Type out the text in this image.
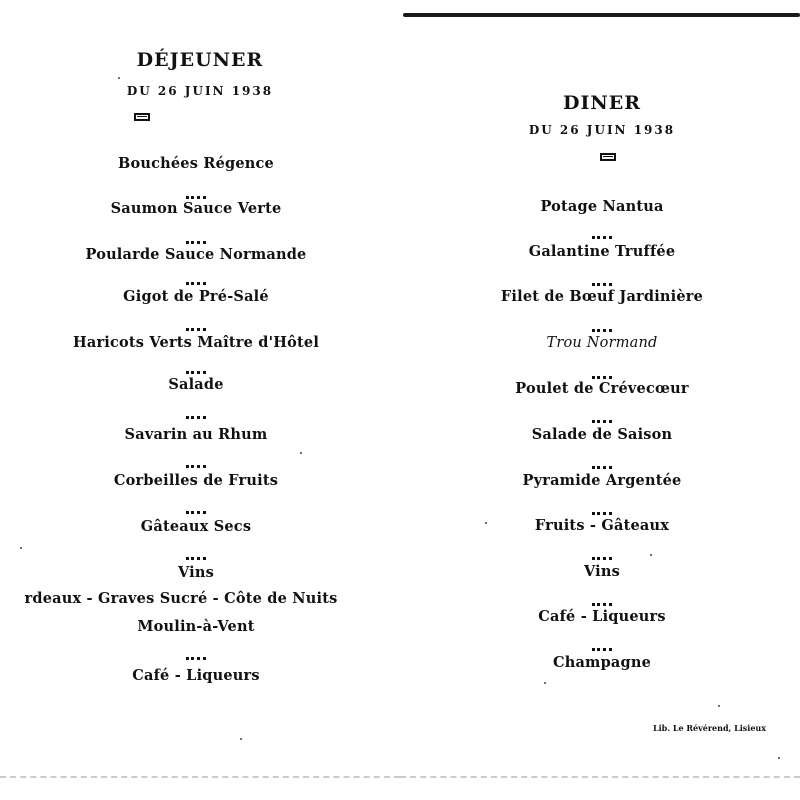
DÉJEUNER
DU 26 JUIN 1938
Bouchées Régence
Saumon Sauce Verte
Poularde Sauce Normande
Gigot de Pré-Salé
Haricots Verts Maître d'Hôtel
Salade
Savarin au Rhum
Corbeilles de Fruits
Gâteaux Secs
Vins
rdeaux - Graves Sucré - Côte de Nuits
Moulin-à-Vent
Café - Liqueurs
DINER
DU 26 JUIN 1938
Potage Nantua
Galantine Truffée
Filet de Bœuf Jardinière
Trou Normand
Poulet de Crévecœur
Salade de Saison
Pyramide Argentée
Fruits - Gâteaux
Vins
Café - Liqueurs
Champagne
Lib. Le Révérend, Lisieux
